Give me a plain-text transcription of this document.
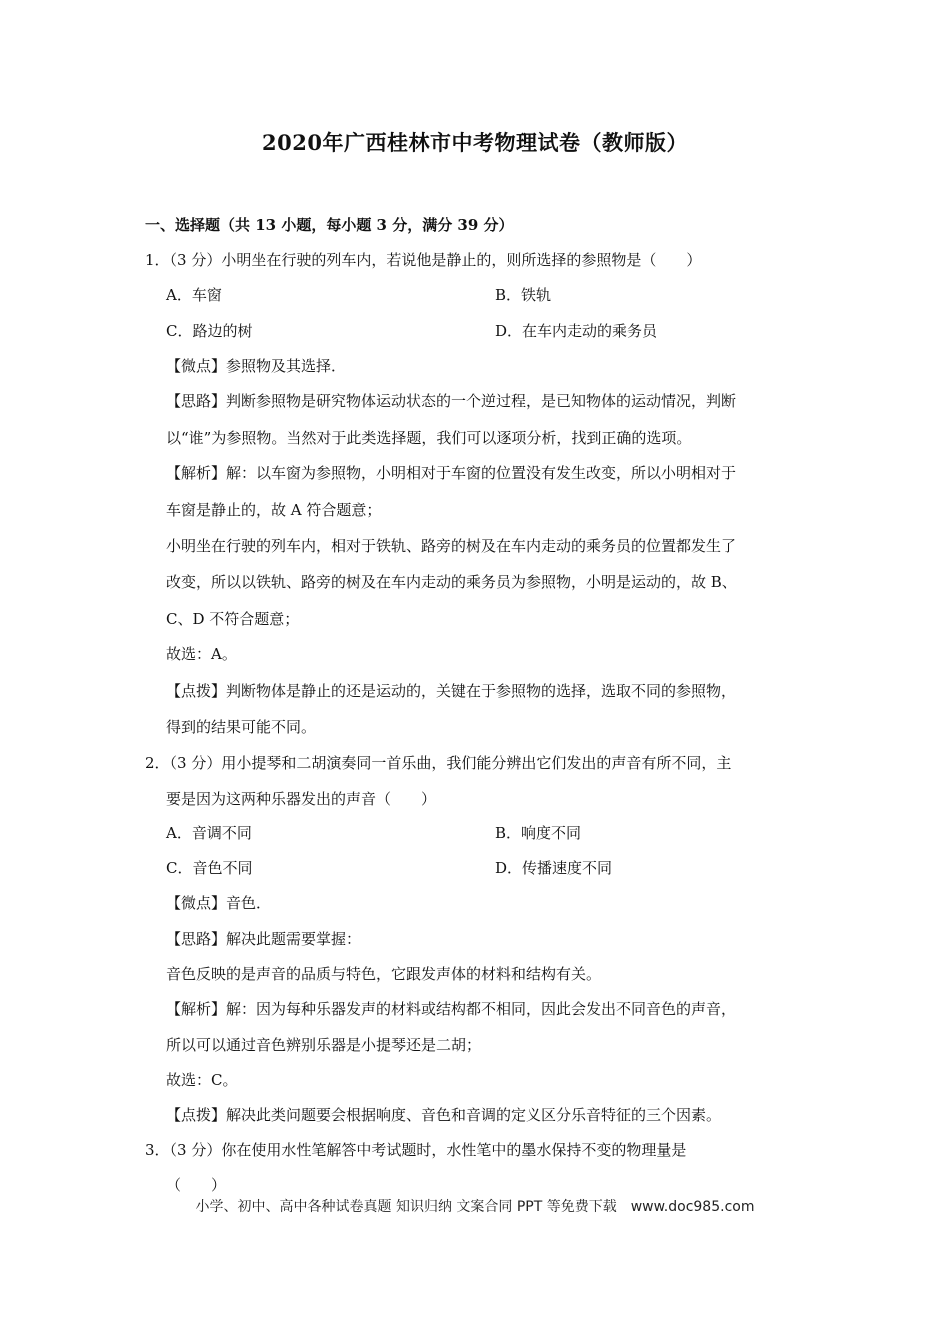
2020年广西桂林市中考物理试卷（教师版）
一、选择题（共 13 小题，每小题 3 分，满分 39 分）
1．（3 分）小明坐在行驶的列车内，若说他是静止的，则所选择的参照物是（　　）
A．车窗	B．铁轨
C．路边的树	D．在车内走动的乘务员
【微点】参照物及其选择．
【思路】判断参照物是研究物体运动状态的一个逆过程，是已知物体的运动情况，判断
以“谁”为参照物。当然对于此类选择题，我们可以逐项分析，找到正确的选项。
【解析】解：以车窗为参照物，小明相对于车窗的位置没有发生改变，所以小明相对于
车窗是静止的，故 A 符合题意；
小明坐在行驶的列车内，相对于铁轨、路旁的树及在车内走动的乘务员的位置都发生了
改变，所以以铁轨、路旁的树及在车内走动的乘务员为参照物，小明是运动的，故 B、
C、D 不符合题意；
故选：A。
【点拨】判断物体是静止的还是运动的，关键在于参照物的选择，选取不同的参照物，
得到的结果可能不同。
2．（3 分）用小提琴和二胡演奏同一首乐曲，我们能分辨出它们发出的声音有所不同，主
要是因为这两种乐器发出的声音（　　）
A．音调不同	B．响度不同
C．音色不同	D．传播速度不同
【微点】音色．
【思路】解决此题需要掌握：
音色反映的是声音的品质与特色，它跟发声体的材料和结构有关。
【解析】解：因为每种乐器发声的材料或结构都不相同，因此会发出不同音色的声音，
所以可以通过音色辨别乐器是小提琴还是二胡；
故选：C。
【点拨】解决此类问题要会根据响度、音色和音调的定义区分乐音特征的三个因素。
3．（3 分）你在使用水性笔解答中考试题时，水性笔中的墨水保持不变的物理量是
（　　）
小学、初中、高中各种试卷真题 知识归纳 文案合同 PPT 等免费下载　www.doc985.com
